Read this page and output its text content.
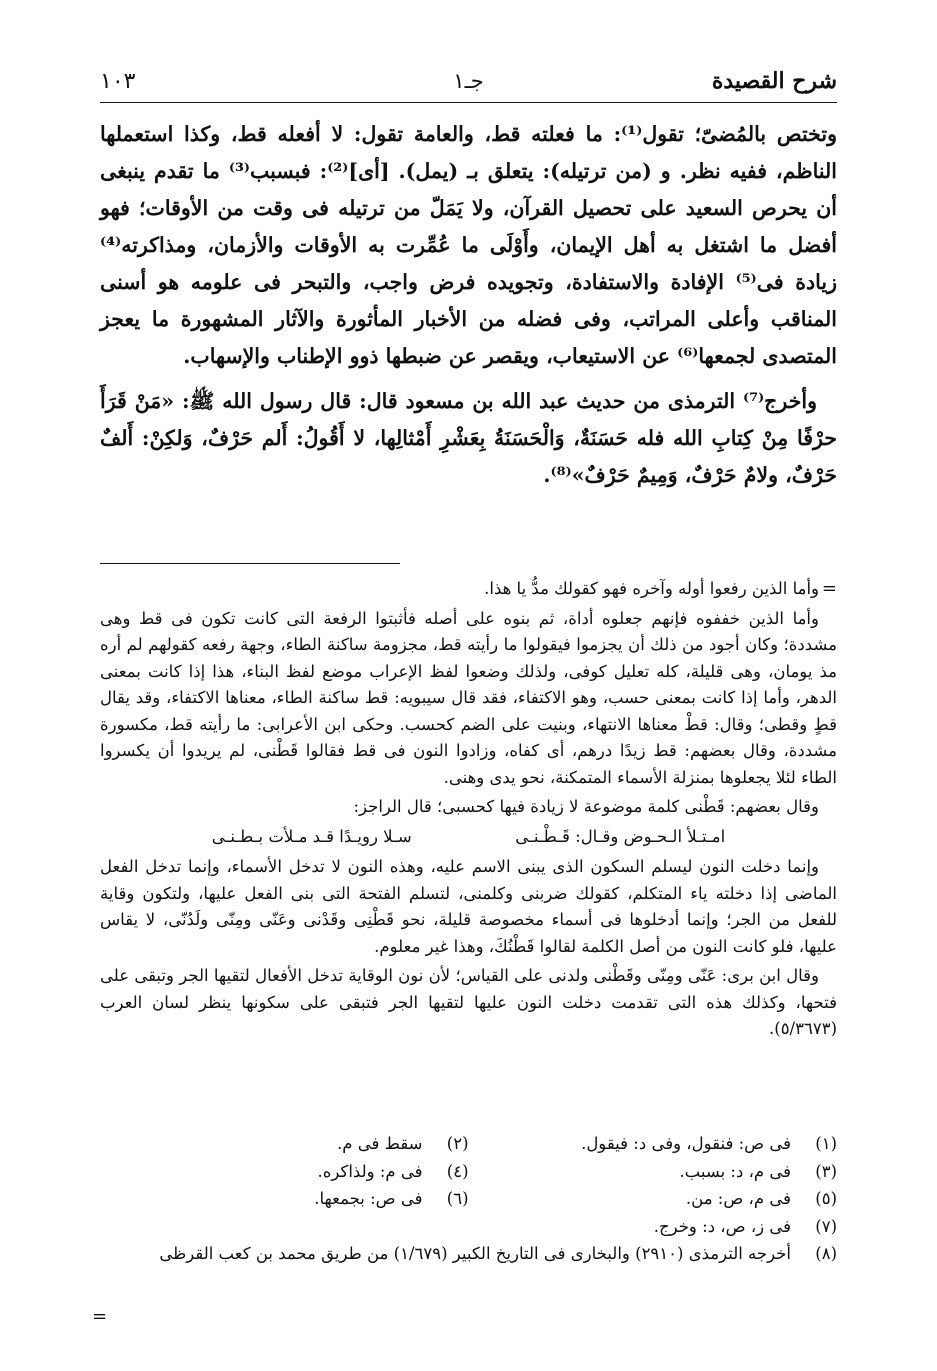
شرح القصيدة
جـ١
١٠٣

وتختص بالمُضىّ؛ تقول⁽¹⁾: ما فعلته قط، والعامة تقول: لا أفعله قط، وكذا استعملها الناظم، ففيه نظر. و (من ترتيله): يتعلق بـ (يمل). [أى]⁽²⁾: فبسبب⁽³⁾ ما تقدم ينبغى أن يحرص السعيد على تحصيل القرآن، ولا يَمَلّ من ترتيله فى وقت من الأوقات؛ فهو أفضل ما اشتغل به أهل الإيمان، وأَوْلَى ما عُمِّرت به الأوقات والأزمان، ومذاكرته⁽⁴⁾ زيادة فى⁽⁵⁾ الإفادة والاستفادة، وتجويده فرض واجب، والتبحر فى علومه هو أسنى المناقب وأعلى المراتب، وفى فضله من الأخبار المأثورة والآثار المشهورة ما يعجز المتصدى لجمعها⁽⁶⁾ عن الاستيعاب، ويقصر عن ضبطها ذوو الإطناب والإسهاب.

وأخرج⁽⁷⁾ الترمذى من حديث عبد الله بن مسعود قال: قال رسول الله ﷺ: «مَنْ قَرَأَ حرْفًا مِنْ كِتابِ الله فله حَسَنَةٌ، وَالْحَسَنَةُ بِعَشْرِ أَمْثالِها، لا أَقُولُ: أَلم حَرْفٌ، وَلكِنْ: أَلفٌ حَرْفٌ، ولامٌ حَرْفٌ، وَمِيمٌ حَرْفٌ»⁽⁸⁾.

=

وأما الذين رفعوا أوله وآخره فهو كقولك مدُّ يا هذا.

وأما الذين خففوه فإنهم جعلوه أداة، ثم بنوه على أصله فأثبتوا الرفعة التى كانت تكون فى قط وهى مشددة؛ وكان أجود من ذلك أن يجزموا فيقولوا ما رأيته قط، مجزومة ساكنة الطاء، وجهة رفعه كقولهم لم أره مذ يومان، وهى قليلة، كله تعليل كوفى، ولذلك وضعوا لفظ الإعراب موضع لفظ البناء، هذا إذا كانت بمعنى الدهر، وأما إذا كانت بمعنى حسب، وهو الاكتفاء، فقد قال سيبويه: قط ساكنة الطاء، معناها الاكتفاء، وقد يقال قطٍ وقطى؛ وقال: قطْ معناها الانتهاء، وبنيت على الضم كحسب. وحكى ابن الأعرابى: ما رأيته قط، مكسورة مشددة، وقال بعضهم: قط زيدًا درهم، أى كفاه، وزادوا النون فى قط فقالوا قَطْنى، لم يريدوا أن يكسروا الطاء لئلا يجعلوها بمنزلة الأسماء المتمكنة، نحو يدى وهنى.

وقال بعضهم: قَطْنى كلمة موضوعة لا زيادة فيها كحسبى؛ قال الراجز:

امـتـلأ الـحـوض وقـال: قَـطْـنـى
سـلا رويـدًا قـد مـلأت بـطـنـى

وإنما دخلت النون ليسلم السكون الذى يبنى الاسم عليه، وهذه النون لا تدخل الأسماء، وإنما تدخل الفعل الماضى إذا دخلته ياء المتكلم، كقولك ضربنى وكلمنى، لتسلم الفتحة التى بنى الفعل عليها، ولتكون وقاية للفعل من الجر؛ وإنما أدخلوها فى أسماء مخصوصة قليلة، نحو قَطْنِى وقَدْنى وعَنّى ومِنّى ولَدُنّى، لا يقاس عليها، فلو كانت النون من أصل الكلمة لقالوا قَطْنُكَ، وهذا غير معلوم.

وقال ابن برى: عَنّى ومِنّى وقَطْنى ولدنى على القياس؛ لأن نون الوقاية تدخل الأفعال لتقيها الجر وتبقى على فتحها، وكذلك هذه التى تقدمت دخلت النون عليها لتقيها الجر فتبقى على سكونها ينظر لسان العرب (٥/٣٦٧٣).

(١)
فى ص: فنقول، وفى د: فيقول.
(٢)
سقط فى م.
(٣)
فى م، د: بسبب.
(٤)
فى م: ولذاكره.
(٥)
فى م، ص: من.
(٦)
فى ص: بجمعها.
(٧)
فى ز، ص، د: وخرج.
(٨)
أخرجه الترمذى (٢٩١٠) والبخارى فى التاريخ الكبير (١/٦٧٩) من طريق محمد بن كعب القرظى
=
